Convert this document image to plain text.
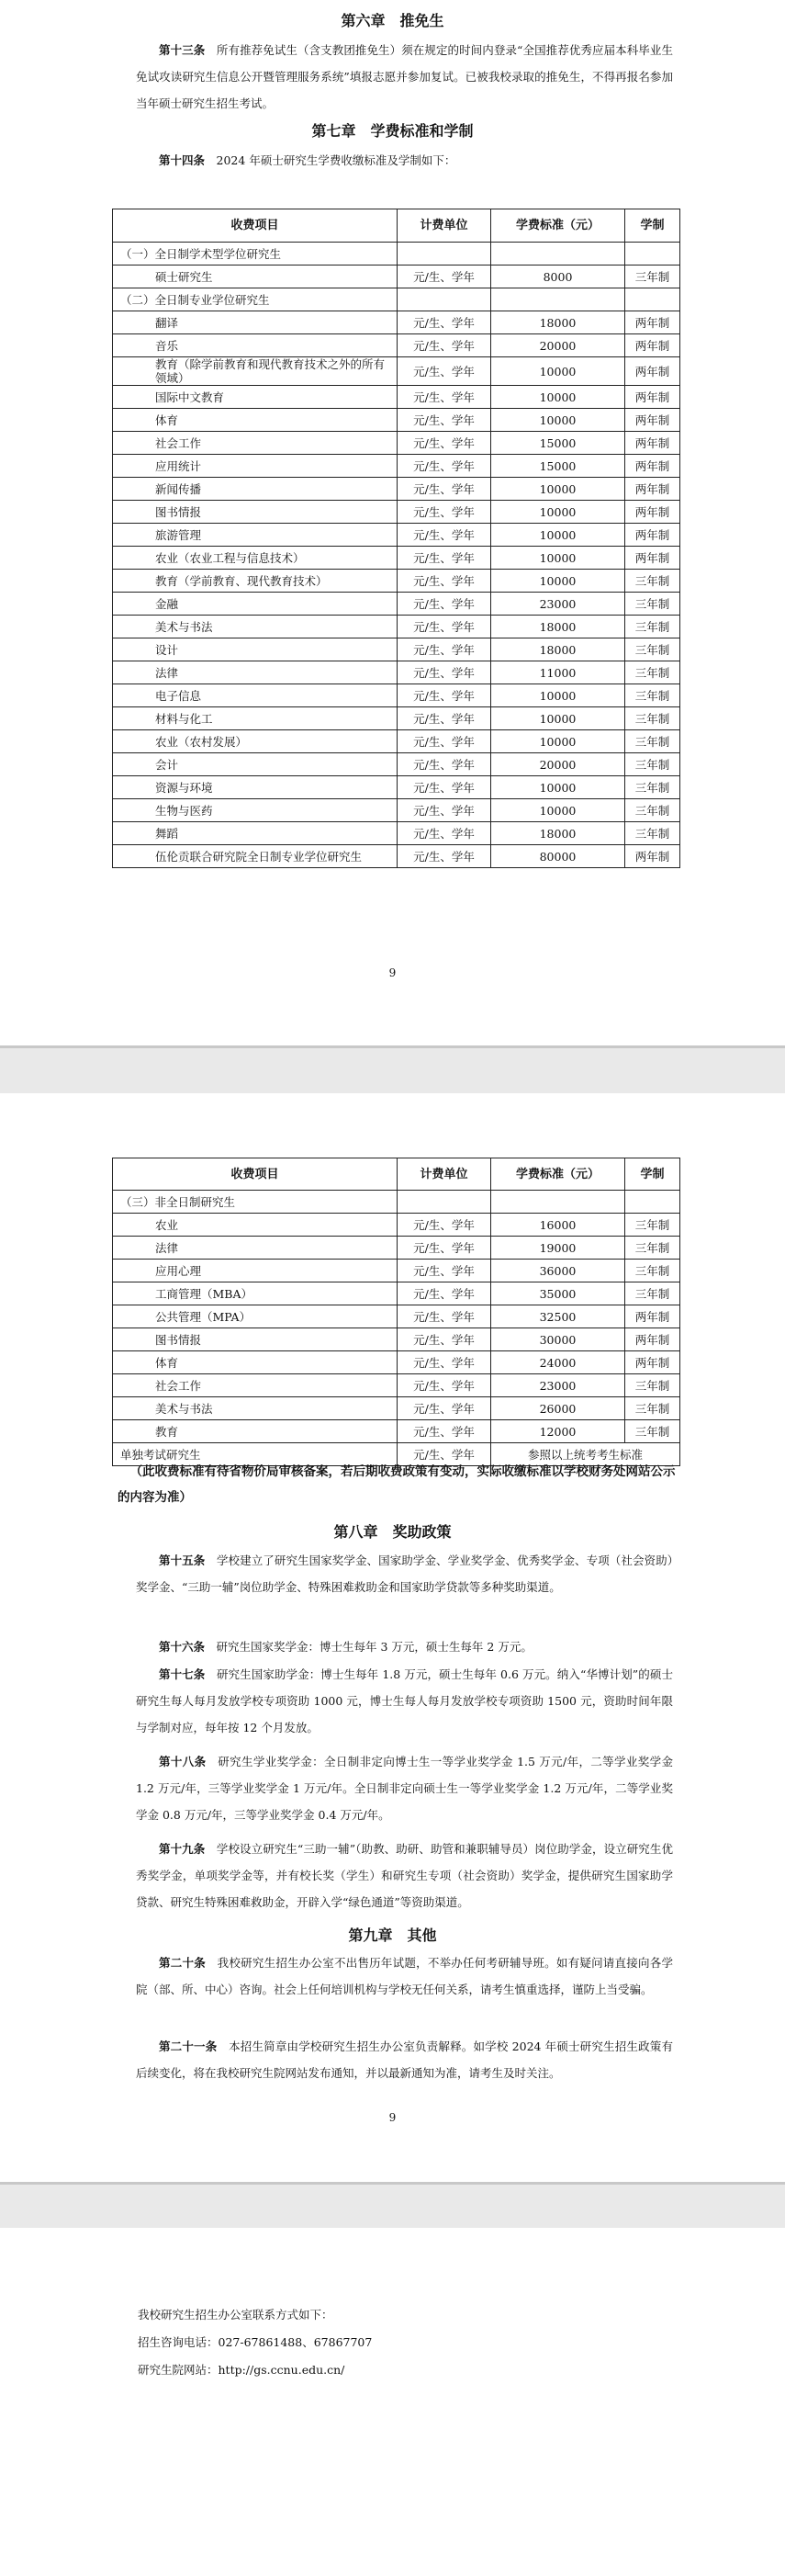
第六章　推免生
第十三条　 所有推荐免试生（含支教团推免生）须在规定的时间内登录“全国推荐优秀应届本科毕业生免试攻读研究生信息公开暨管理服务系统”填报志愿并参加复试。已被我校录取的推免生，不得再报名参加当年硕士研究生招生考试。
第七章　学费标准和学制
第十四条　 2024 年硕士研究生学费收缴标准及学制如下：
收费项目	计费单位	学费标准（元）	学制
（一）全日制学术型学位研究生			
硕士研究生	元/生、学年	8000	三年制
（二）全日制专业学位研究生			
翻译	元/生、学年	18000	两年制
音乐	元/生、学年	20000	两年制
教育（除学前教育和现代教育技术之外的所有领域）	元/生、学年	10000	两年制
国际中文教育	元/生、学年	10000	两年制
体育	元/生、学年	10000	两年制
社会工作	元/生、学年	15000	两年制
应用统计	元/生、学年	15000	两年制
新闻传播	元/生、学年	10000	两年制
图书情报	元/生、学年	10000	两年制
旅游管理	元/生、学年	10000	两年制
农业（农业工程与信息技术）	元/生、学年	10000	两年制
教育（学前教育、现代教育技术）	元/生、学年	10000	三年制
金融	元/生、学年	23000	三年制
美术与书法	元/生、学年	18000	三年制
设计	元/生、学年	18000	三年制
法律	元/生、学年	11000	三年制
电子信息	元/生、学年	10000	三年制
材料与化工	元/生、学年	10000	三年制
农业（农村发展）	元/生、学年	10000	三年制
会计	元/生、学年	20000	三年制
资源与环境	元/生、学年	10000	三年制
生物与医药	元/生、学年	10000	三年制
舞蹈	元/生、学年	18000	三年制
伍伦贡联合研究院全日制专业学位研究生	元/生、学年	80000	两年制
9
收费项目	计费单位	学费标准（元）	学制
（三）非全日制研究生			
农业	元/生、学年	16000	三年制
法律	元/生、学年	19000	三年制
应用心理	元/生、学年	36000	三年制
工商管理（MBA）	元/生、学年	35000	三年制
公共管理（MPA）	元/生、学年	32500	两年制
图书情报	元/生、学年	30000	两年制
体育	元/生、学年	24000	两年制
社会工作	元/生、学年	23000	三年制
美术与书法	元/生、学年	26000	三年制
教育	元/生、学年	12000	三年制
单独考试研究生	元/生、学年	参照以上统考考生标准	
（此收费标准有待省物价局审核备案，若后期收费政策有变动，实际收缴标准以学校财务处网站公示的内容为准）
第八章　奖助政策
第十五条　 学校建立了研究生国家奖学金、国家助学金、学业奖学金、优秀奖学金、专项（社会资助）奖学金、“三助一辅”岗位助学金、特殊困难救助金和国家助学贷款等多种奖助渠道。
第十六条　 研究生国家奖学金：博士生每年 3 万元，硕士生每年 2 万元。
第十七条　 研究生国家助学金：博士生每年 1.8 万元，硕士生每年 0.6 万元。纳入“华博计划”的硕士研究生每人每月发放学校专项资助 1000 元，博士生每人每月发放学校专项资助 1500 元，资助时间年限与学制对应，每年按 12 个月发放。
第十八条　 研究生学业奖学金：全日制非定向博士生一等学业奖学金 1.5 万元/年，二等学业奖学金 1.2 万元/年，三等学业奖学金 1 万元/年。全日制非定向硕士生一等学业奖学金 1.2 万元/年，二等学业奖学金 0.8 万元/年，三等学业奖学金 0.4 万元/年。
第十九条　 学校设立研究生“三助一辅”（助教、助研、助管和兼职辅导员）岗位助学金，设立研究生优秀奖学金，单项奖学金等，并有校长奖（学生）和研究生专项（社会资助）奖学金，提供研究生国家助学贷款、研究生特殊困难救助金，开辟入学“绿色通道”等资助渠道。
第九章　其他
第二十条　 我校研究生招生办公室不出售历年试题，不举办任何考研辅导班。如有疑问请直接向各学院（部、所、中心）咨询。社会上任何培训机构与学校无任何关系，请考生慎重选择，谨防上当受骗。
第二十一条　 本招生简章由学校研究生招生办公室负责解释。如学校 2024 年硕士研究生招生政策有后续变化，将在我校研究生院网站发布通知，并以最新通知为准，请考生及时关注。
9
我校研究生招生办公室联系方式如下：
招生咨询电话：027-67861488、67867707
研究生院网站：http://gs.ccnu.edu.cn/
